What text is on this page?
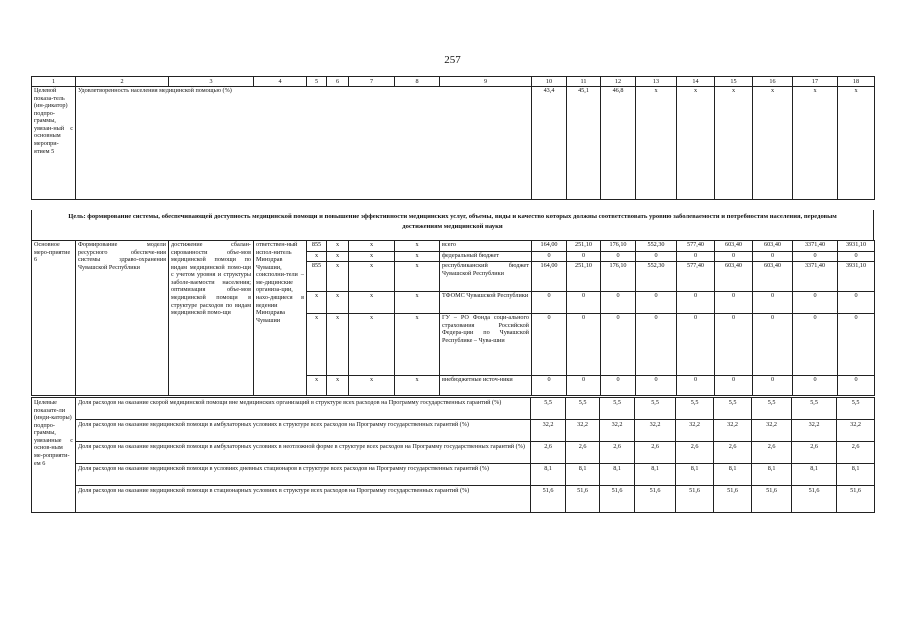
257
1	2	3	4	5	6	7	8	9	10	11	12	13	14	15	16	17	18
Целевой показа-тель (ин-дикатор) подпро-граммы, увязан-ный с основным меропри-ятием 5	Удовлетворенность населения медицинской помощью (%)								43,4	45,1	46,8	x	x	x	x	x	x
Цель: формирование системы, обеспечивающей доступность медицинской помощи и повышение эффективности медицинских услуг, объемы, виды и качество которых должны соответствовать уровню заболеваемости и потребностям населения, передовым достижениям медицинской науки
Основное меро-приятие 6	Формирование модели ресурсного обеспече-ния системы здраво-охранения Чувашской Республики	достижение сбалан-сированности объе-мов медицинской помощи по видам медицинской помо-щи с учетом уровня и структуры заболе-ваемости населения; оптимизация объе-мов медицинской помощи в структуре расходов по видам медицинской помо-щи	ответствен-ный испол-нитель Минздрав Чувашии, соисполни-тели – ме-дицинские организа-ции, нахо-дящиеся в ведении Минздрава Чувашии	855	x	x	x	всего	164,00	251,10	176,10	552,30	577,40	603,40	603,40	3371,40	3931,10
				x	x	x	x	федеральный бюджет	0	0	0	0	0	0	0	0	0
				855	x	x	x	республиканский бюджет Чувашской Республики	164,00	251,10	176,10	552,30	577,40	603,40	603,40	3371,40	3931,10
				x	x	x	x	ТФОМС Чувашской Республики	0	0	0	0	0	0	0	0	0
				x	x	x	x	ГУ – РО Фонда соци-ального страхования Российской Федера-ции по Чувашской Республике – Чува-шии	0	0	0	0	0	0	0	0	0
				x	x	x	x	внебюджетные источ-ники	0	0	0	0	0	0	0	0	0
Целевые показате-ли (инди-каторы) подпро-граммы, увязанные с основ-ным ме-роприяти-ем 6	Доля расходов на оказание скорой медицинской помощи вне медицинских организаций в структуре всех расходов на Программу государственных гарантий (%)	5,5	5,5	5,5	5,5	5,5	5,5	5,5	5,5	5,5
	Доля расходов на оказание медицинской помощи в амбулаторных условиях в структуре всех расходов на Программу государственных гарантий (%)	32,2	32,2	32,2	32,2	32,2	32,2	32,2	32,2	32,2
	Доля расходов на оказание медицинской помощи в амбулаторных условиях в неотложной форме в структуре всех расходов на Программу государственных гарантий (%)	2,6	2,6	2,6	2,6	2,6	2,6	2,6	2,6	2,6
	Доля расходов на оказание медицинской помощи в условиях дневных стационаров в структуре всех расходов на Программу государственных гарантий (%)	8,1	8,1	8,1	8,1	8,1	8,1	8,1	8,1	8,1
	Доля расходов на оказание медицинской помощи в стационарных условиях в структуре всех расходов на Программу государственных гарантий (%)	51,6	51,6	51,6	51,6	51,6	51,6	51,6	51,6	51,6
